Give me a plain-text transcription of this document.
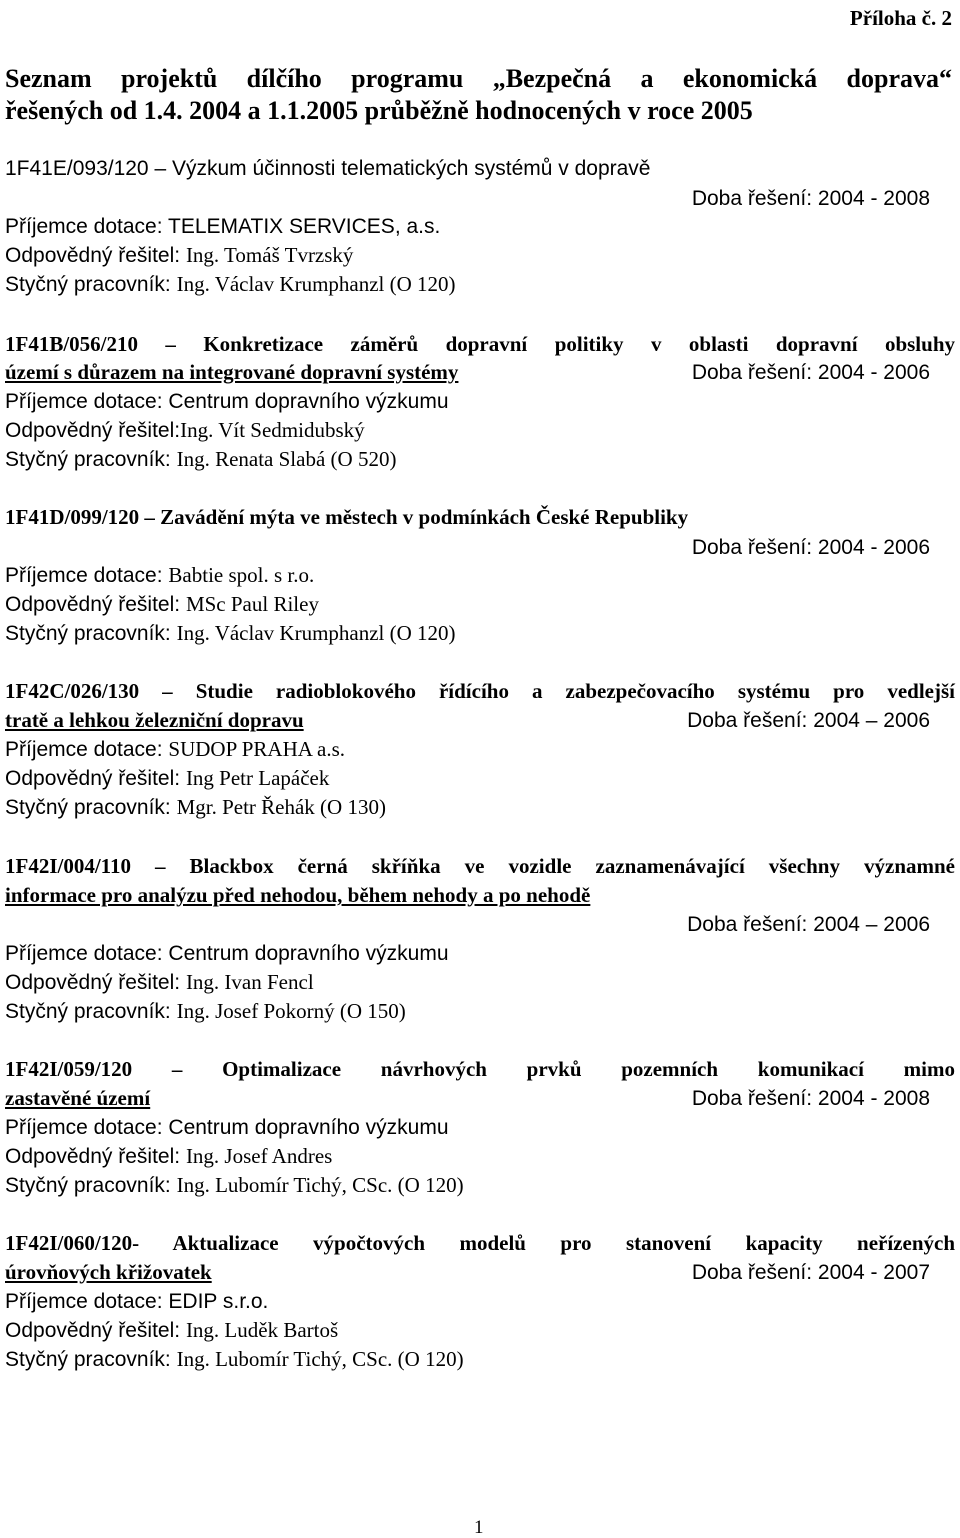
Příloha č. 2
Seznam projektů dílčího programu „Bezpečná a ekonomická doprava“
řešených od 1.4. 2004 a 1.1.2005 průběžně hodnocených v roce 2005
1F41E/093/120 – Výzkum účinnosti telematických systémů v dopravě
Doba řešení: 2004 - 2008
Příjemce dotace: TELEMATIX SERVICES, a.s.
Odpovědný řešitel: Ing. Tomáš Tvrzský
Styčný pracovník: Ing. Václav Krumphanzl (O 120)
1F41B/056/210 – Konkretizace záměrů dopravní politiky v oblasti dopravní obsluhy
území s důrazem na integrované dopravní systémy	Doba řešení: 2004 - 2006
Příjemce dotace: Centrum dopravního výzkumu
Odpovědný řešitel:Ing. Vít Sedmidubský
Styčný pracovník: Ing. Renata Slabá (O 520)
1F41D/099/120 – Zavádění mýta ve městech v podmínkách České Republiky
Doba řešení: 2004 - 2006
Příjemce dotace: Babtie spol. s r.o.
Odpovědný řešitel: MSc Paul Riley
Styčný pracovník: Ing. Václav Krumphanzl (O 120)
1F42C/026/130 – Studie radioblokového řídícího a zabezpečovacího systému pro vedlejší
tratě a lehkou železniční dopravu	Doba řešení: 2004 – 2006
Příjemce dotace: SUDOP PRAHA a.s.
Odpovědný řešitel: Ing Petr Lapáček
Styčný pracovník: Mgr. Petr Řehák (O 130)
1F42I/004/110 – Blackbox černá skříňka ve vozidle zaznamenávající všechny významné
informace pro analýzu před nehodou, během nehody a po nehodě
Doba řešení: 2004 – 2006
Příjemce dotace: Centrum dopravního výzkumu
Odpovědný řešitel: Ing. Ivan Fencl
Styčný pracovník: Ing. Josef Pokorný (O 150)
1F42I/059/120 – Optimalizace návrhových prvků pozemních komunikací mimo
zastavěné území	Doba řešení: 2004 - 2008
Příjemce dotace: Centrum dopravního výzkumu
Odpovědný řešitel: Ing. Josef Andres
Styčný pracovník: Ing. Lubomír Tichý, CSc. (O 120)
1F42I/060/120- Aktualizace výpočtových modelů pro stanovení kapacity neřízených
úrovňových křižovatek	Doba řešení: 2004 - 2007
Příjemce dotace: EDIP s.r.o.
Odpovědný řešitel: Ing. Luděk Bartoš
Styčný pracovník: Ing. Lubomír Tichý, CSc. (O 120)
1
